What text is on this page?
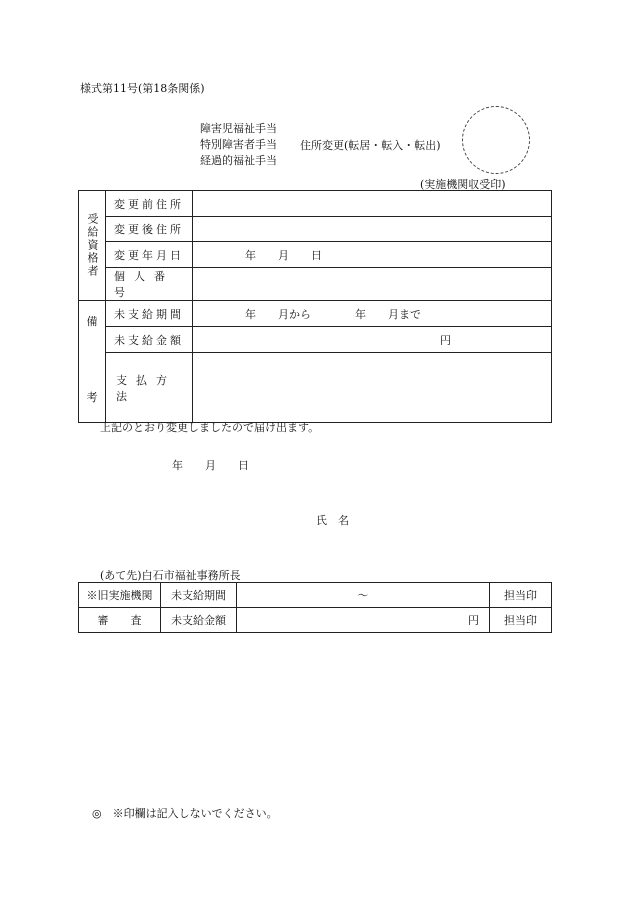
様式第11号(第18条関係)
障害児福祉手当
特別障害者手当
経過的福祉手当
住所変更(転居・転入・転出)
(実施機関収受印)
受給資格者	変更前住所	
	変更後住所	
	変更年月日	年　　月　　日
	個人番号	

備
考	未支給期間	年　　月から　　　　年　　月まで
	未支給金額	円
	支払方法	
上記のとおり変更しましたので届け出ます。
年　　月　　日
氏　名
(あて先)白石市福祉事務所長
※旧実施機関	未支給期間	〜	担当印
審　　査	未支給金額	円	担当印
◎　※印欄は記入しないでください。
